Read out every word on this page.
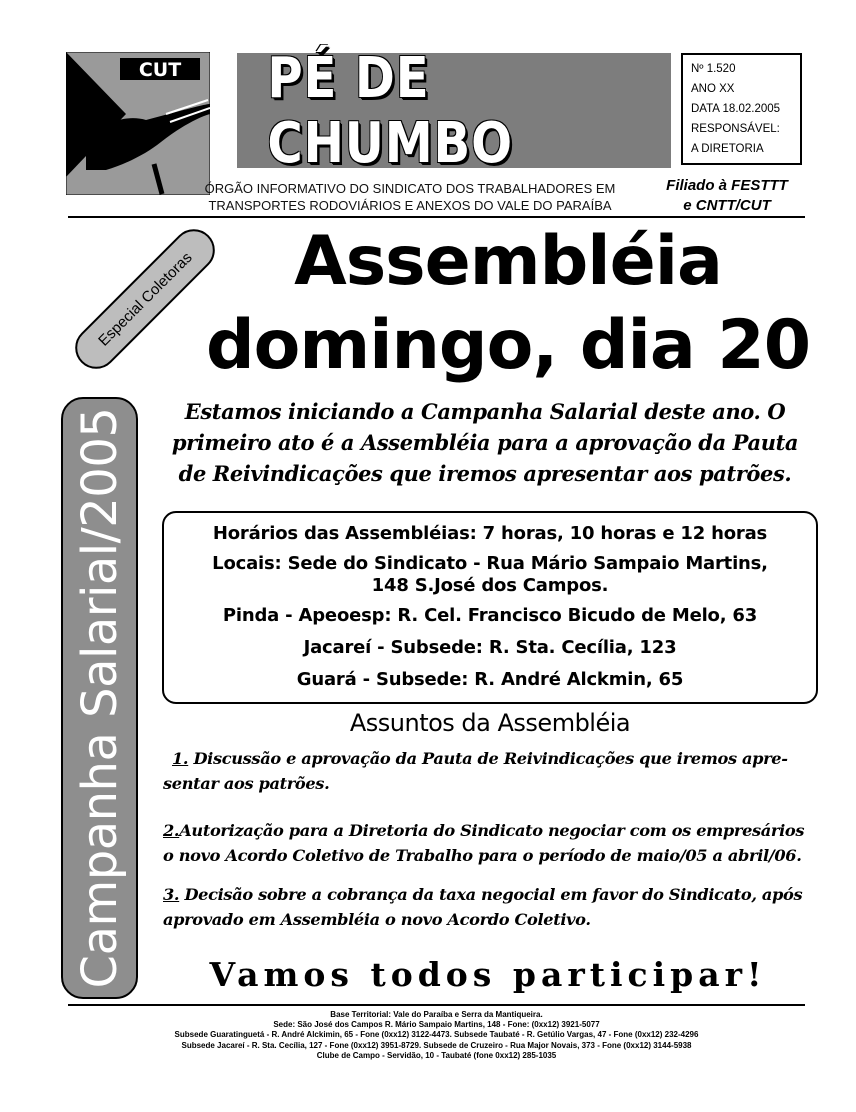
CUT PÉ DE CHUMBO
Nº 1.520
ANO XX
DATA 18.02.2005
RESPONSÁVEL:
A DIRETORIA
ÓRGÃO INFORMATIVO DO SINDICATO DOS TRABALHADORES EM
TRANSPORTES RODOVIÁRIOS E ANEXOS DO VALE DO PARAÍBA
Filiado à FESTTT
e CNTT/CUT
Especial Coletoras
Campanha Salarial/2005
Assembléia
domingo, dia 20
Estamos iniciando a Campanha Salarial deste ano. O
primeiro ato é a Assembléia para a aprovação da Pauta
de Reivindicações que iremos apresentar aos patrões.
Horários das Assembléias: 7 horas, 10 horas e 12 horas
Locais: Sede do Sindicato - Rua Mário Sampaio Martins,
148 S.José dos Campos.
Pinda - Apeoesp: R. Cel. Francisco Bicudo de Melo, 63
Jacareí - Subsede: R. Sta. Cecília, 123
Guará - Subsede: R. André Alckmin, 65
Assuntos da Assembléia
1. Discussão e aprovação da Pauta de Reivindicações que iremos apre-
sentar aos patrões.
2.Autorização para a Diretoria do Sindicato negociar com os empresários
o novo Acordo Coletivo de Trabalho para o período de maio/05 a abril/06.
3. Decisão sobre a cobrança da taxa negocial em favor do Sindicato, após
aprovado em Assembléia o novo Acordo Coletivo.
Vamos todos participar!
Base Territorial: Vale do Paraíba e Serra da Mantiqueira.
Sede: São José dos Campos R. Mário Sampaio Martins, 148 - Fone: (0xx12) 3921-5077
Subsede Guaratinguetá - R. André Alckimin, 65 - Fone (0xx12) 3122-4473. Subsede Taubaté - R. Getúlio Vargas, 47 - Fone (0xx12) 232-4296
Subsede Jacareí - R. Sta. Cecília, 127 - Fone (0xx12) 3951-8729. Subsede de Cruzeiro - Rua Major Novais, 373 - Fone (0xx12) 3144-5938
Clube de Campo - Servidão, 10 - Taubaté (fone 0xx12) 285-1035
